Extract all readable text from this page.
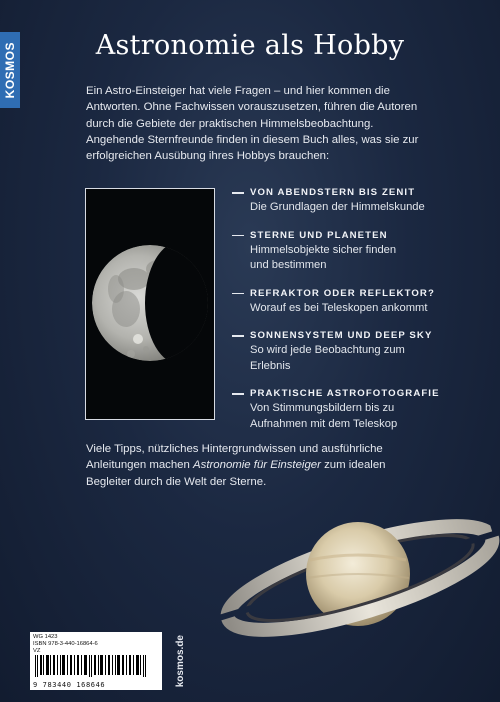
KOSMOS	Astronomie als Hobby
Ein Astro-Einsteiger hat viele Fragen – und hier kommen die Antworten. Ohne Fachwissen vorauszusetzen, führen die Autoren durch die Gebiete der praktischen Himmelsbeobachtung. Angehende Sternfreunde finden in diesem Buch alles, was sie zur erfolgreichen Ausübung ihres Hobbys brauchen:
VON ABENDSTERN BIS ZENIT
Die Grundlagen der Himmelskunde
STERNE UND PLANETEN
Himmelsobjekte sicher finden und bestimmen
REFRAKTOR ODER REFLEKTOR?
Worauf es bei Teleskopen ankommt
SONNENSYSTEM UND DEEP SKY
So wird jede Beobachtung zum Erlebnis
PRAKTISCHE ASTROFOTOGRAFIE
Von Stimmungsbildern bis zu Aufnahmen mit dem Teleskop
Viele Tipps, nützliches Hintergrundwissen und ausführliche Anleitungen machen Astronomie für Einsteiger zum idealen Begleiter durch die Welt der Sterne.
WG 1423
ISBN 978-3-440-16864-6
VZ
9 783440 168646	kosmos.de
